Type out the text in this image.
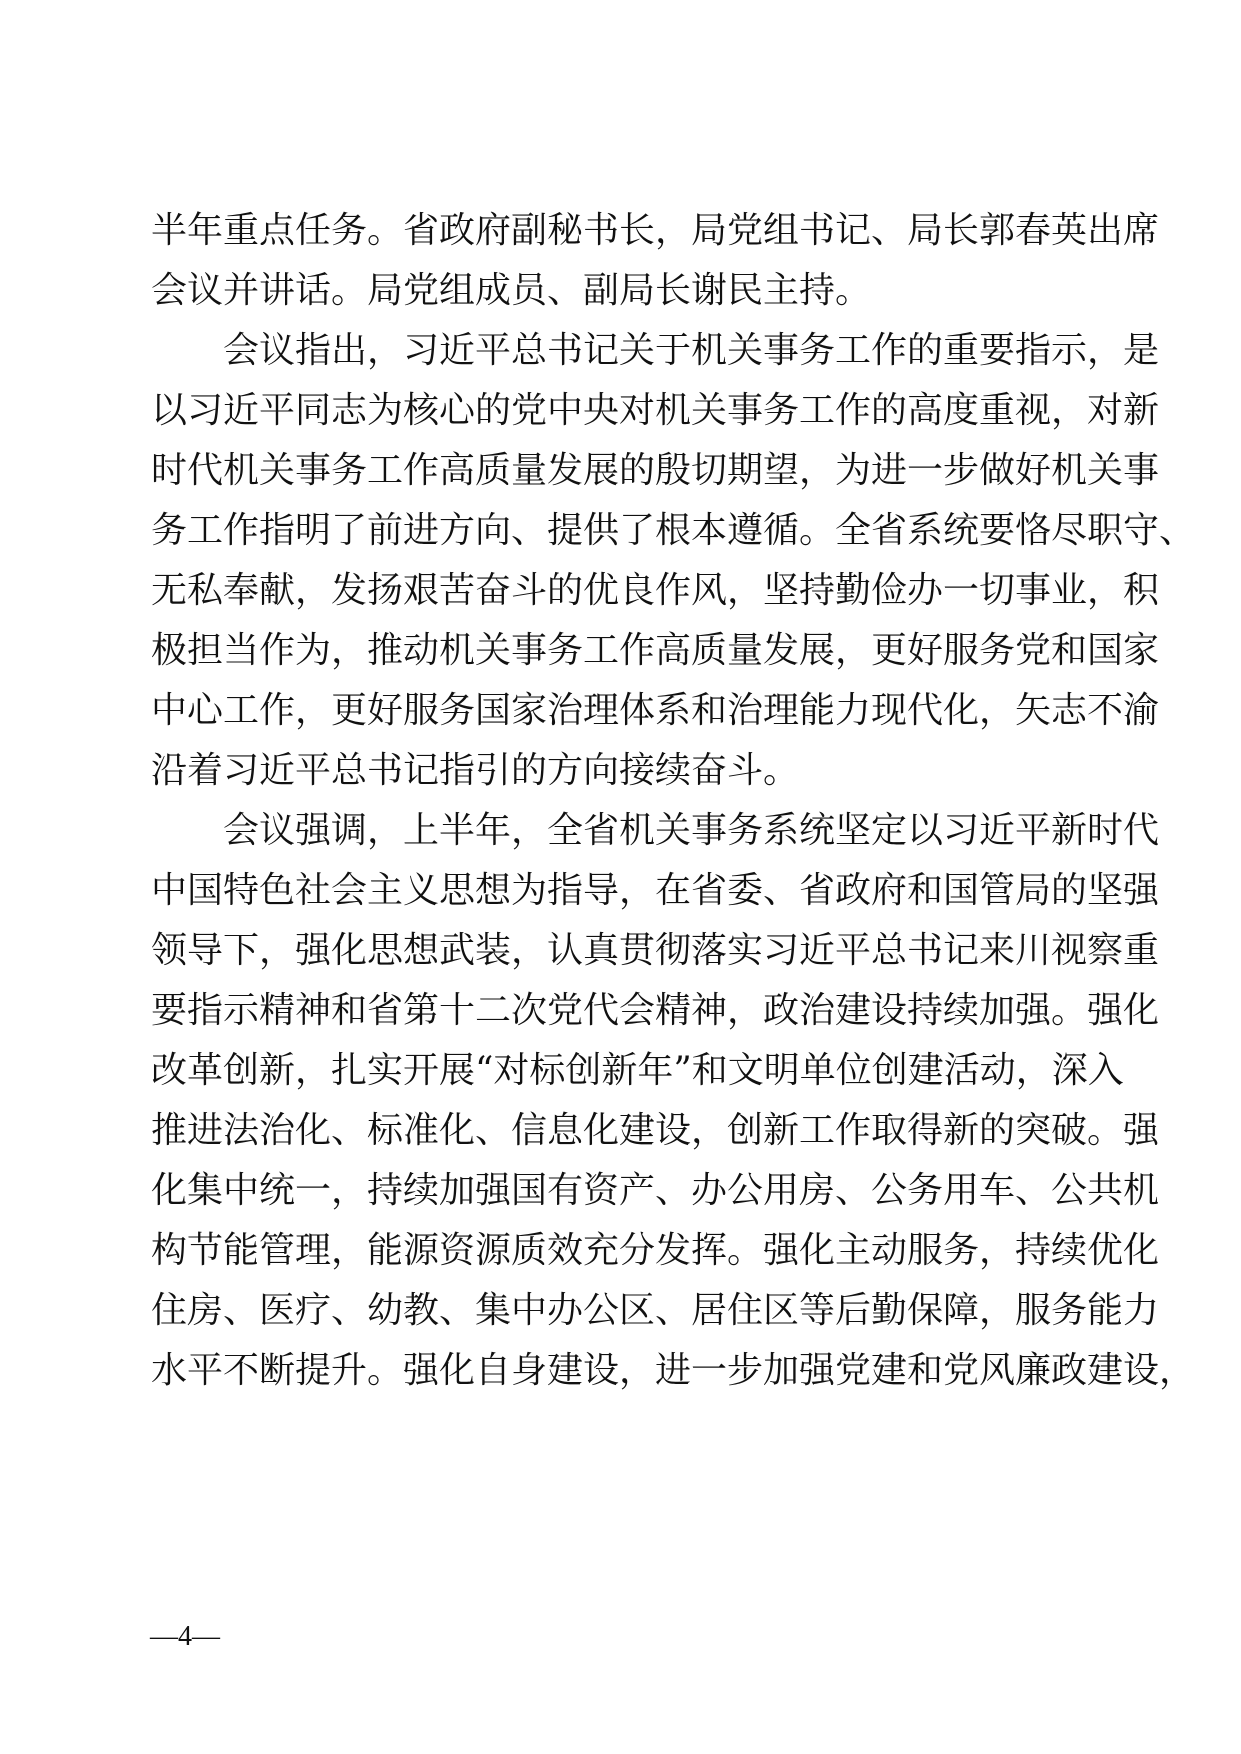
半年重点任务。省政府副秘书长，局党组书记、局长郭春英出席
会议并讲话。局党组成员、副局长谢民主持。
会议指出，习近平总书记关于机关事务工作的重要指示，是
以习近平同志为核心的党中央对机关事务工作的高度重视，对新
时代机关事务工作高质量发展的殷切期望，为进一步做好机关事
务工作指明了前进方向、提供了根本遵循。全省系统要恪尽职守、
无私奉献，发扬艰苦奋斗的优良作风，坚持勤俭办一切事业，积
极担当作为，推动机关事务工作高质量发展，更好服务党和国家
中心工作，更好服务国家治理体系和治理能力现代化，矢志不渝
沿着习近平总书记指引的方向接续奋斗。
会议强调，上半年，全省机关事务系统坚定以习近平新时代
中国特色社会主义思想为指导，在省委、省政府和国管局的坚强
领导下，强化思想武装，认真贯彻落实习近平总书记来川视察重
要指示精神和省第十二次党代会精神，政治建设持续加强。强化
改革创新，扎实开展“对标创新年”和文明单位创建活动，深入
推进法治化、标准化、信息化建设，创新工作取得新的突破。强
化集中统一，持续加强国有资产、办公用房、公务用车、公共机
构节能管理，能源资源质效充分发挥。强化主动服务，持续优化
住房、医疗、幼教、集中办公区、居住区等后勤保障，服务能力
水平不断提升。强化自身建设，进一步加强党建和党风廉政建设，
—4—
